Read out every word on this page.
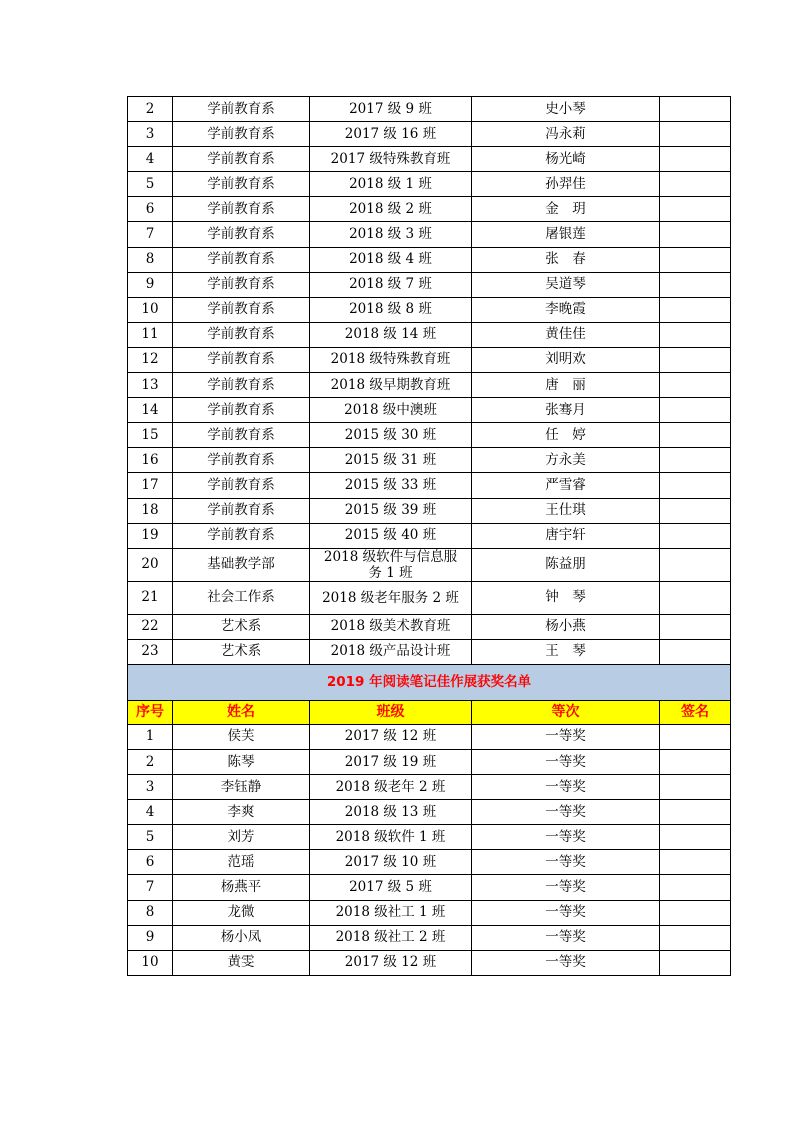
2	学前教育系	2017 级 9 班	史小琴	
3	学前教育系	2017 级 16 班	冯永莉	
4	学前教育系	2017 级特殊教育班	杨光崎	
5	学前教育系	2018 级 1 班	孙羿佳	
6	学前教育系	2018 级 2 班	金　玥	
7	学前教育系	2018 级 3 班	屠银莲	
8	学前教育系	2018 级 4 班	张　春	
9	学前教育系	2018 级 7 班	吴道琴	
10	学前教育系	2018 级 8 班	李晚霞	
11	学前教育系	2018 级 14 班	黄佳佳	
12	学前教育系	2018 级特殊教育班	刘明欢	
13	学前教育系	2018 级早期教育班	唐　丽	
14	学前教育系	2018 级中澳班	张骞月	
15	学前教育系	2015 级 30 班	任　婷	
16	学前教育系	2015 级 31 班	方永美	
17	学前教育系	2015 级 33 班	严雪睿	
18	学前教育系	2015 级 39 班	王仕琪	
19	学前教育系	2015 级 40 班	唐宇轩	
20	基础教学部	2018 级软件与信息服务 1 班	陈益朋	
21	社会工作系	2018 级老年服务 2 班	钟　琴	
22	艺术系	2018 级美术教育班	杨小燕	
23	艺术系	2018 级产品设计班	王　琴	
2019 年阅读笔记佳作展获奖名单				
序号	姓名	班级	等次	签名
1	侯芙	2017 级 12 班	一等奖	
2	陈琴	2017 级 19 班	一等奖	
3	李钰静	2018 级老年 2 班	一等奖	
4	李爽	2018 级 13 班	一等奖	
5	刘芳	2018 级软件 1 班	一等奖	
6	范瑶	2017 级 10 班	一等奖	
7	杨燕平	2017 级 5 班	一等奖	
8	龙微	2018 级社工 1 班	一等奖	
9	杨小凤	2018 级社工 2 班	一等奖	
10	黄雯	2017 级 12 班	一等奖	
